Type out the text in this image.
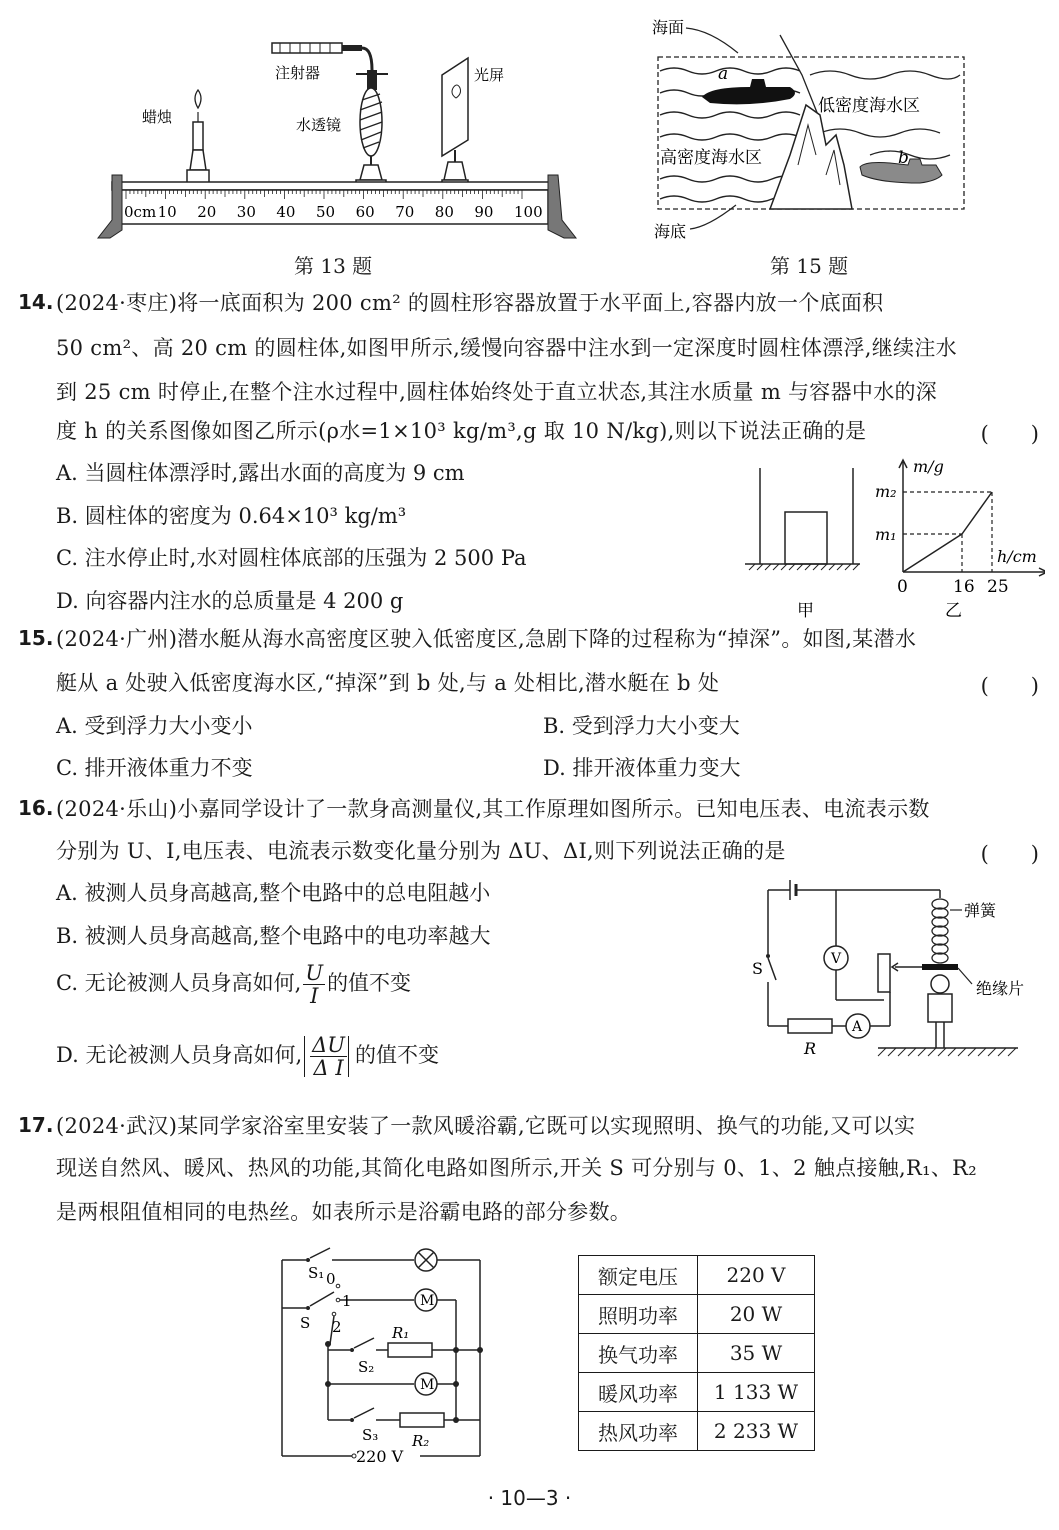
0cm 10 20 30 40 50 60 70 80 90 100
注射器
蜡烛	水透镜
光屏
第 13 题
海面
低密度海水区
高密度海水区
a
b
海底
第 15 题
14. (2024·枣庄)将一底面积为 200 cm² 的圆柱形容器放置于水平面上,容器内放一个底面积
50 cm²、高 20 cm 的圆柱体,如图甲所示,缓慢向容器中注水到一定深度时圆柱体漂浮,继续注水
到 25 cm 时停止,在整个注水过程中,圆柱体始终处于直立状态,其注水质量 m 与容器中水的深
度 h 的关系图像如图乙所示(ρ水=1×10³ kg/m³,g 取 10 N/kg),则以下说法正确的是	(　　)
A. 当圆柱体漂浮时,露出水面的高度为 9 cm
B. 圆柱体的密度为 0.64×10³ kg/m³
C. 注水停止时,水对圆柱体底部的压强为 2 500 Pa
D. 向容器内注水的总质量是 4 200 g
m/g
m₂
m₁
h/cm
0	16 25
甲	乙
15. (2024·广州)潜水艇从海水高密度区驶入低密度区,急剧下降的过程称为“掉深”。如图,某潜水
艇从 a 处驶入低密度海水区,“掉深”到 b 处,与 a 处相比,潜水艇在 b 处	(　　)
A. 受到浮力大小变小	B. 受到浮力大小变大
C. 排开液体重力不变	D. 排开液体重力变大
16. (2024·乐山)小嘉同学设计了一款身高测量仪,其工作原理如图所示。已知电压表、电流表示数
分别为 U、I,电压表、电流表示数变化量分别为 ΔU、ΔI,则下列说法正确的是	(　　)
A. 被测人员身高越高,整个电路中的总电阻越小
B. 被测人员身高越高,整个电路中的电功率越大
C. 无论被测人员身高如何, $\frac{U}{I}$ 的值不变
D. 无论被测人员身高如何, $\frac{\Delta U}{\text{Δ I}}$ 的值不变
S
A
R
V
弹簧
绝缘片
17. (2024·武汉)某同学家浴室里安装了一款风暖浴霸,它既可以实现照明、换气的功能,又可以实
现送自然风、暖风、热风的功能,其简化电路如图所示,开关 S 可分别与 0、1、2 触点接触,R₁、R₂
是两根阻值相同的电热丝。如表所示是浴霸电路的部分参数。
M
M
S₁ 0
1
S 2	R₁
S₂
S₃ R₂
220 V
额定电压	220 V
照明功率	20 W
换气功率	35 W
暖风功率	1 133 W
热风功率	2 233 W
· 10—3 ·
